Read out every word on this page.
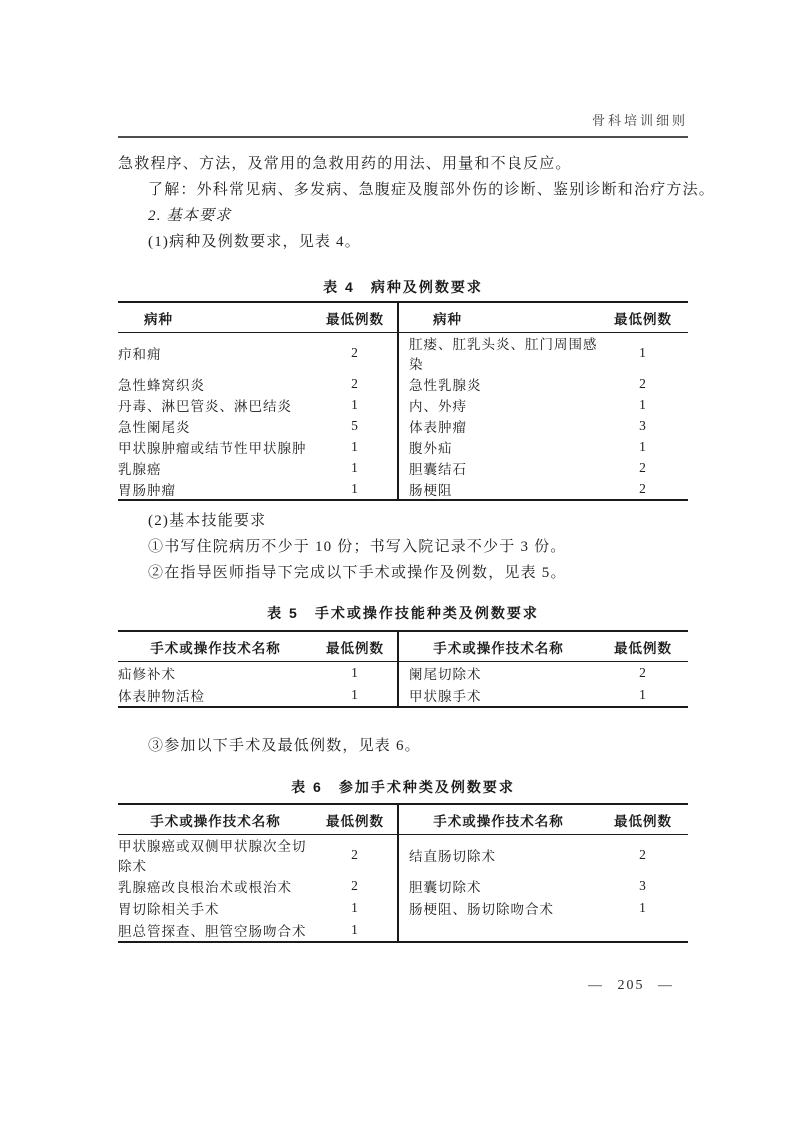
骨科培训细则
急救程序、方法，及常用的急救用药的用法、用量和不良反应。
了解：外科常见病、多发病、急腹症及腹部外伤的诊断、鉴别诊断和治疗方法。
2. 基本要求
(1)病种及例数要求，见表 4。
表 4　病种及例数要求
病种	最低例数	病种	最低例数
疖和痈	2	肛瘘、肛乳头炎、肛门周围感染	1
急性蜂窝织炎	2	急性乳腺炎	2
丹毒、淋巴管炎、淋巴结炎	1	内、外痔	1
急性阑尾炎	5	体表肿瘤	3
甲状腺肿瘤或结节性甲状腺肿	1	腹外疝	1
乳腺癌	1	胆囊结石	2
胃肠肿瘤	1	肠梗阻	2
(2)基本技能要求
①书写住院病历不少于 10 份；书写入院记录不少于 3 份。
②在指导医师指导下完成以下手术或操作及例数，见表 5。
表 5　手术或操作技能种类及例数要求
手术或操作技术名称	最低例数	手术或操作技术名称	最低例数
疝修补术	1	阑尾切除术	2
体表肿物活检	1	甲状腺手术	1
③参加以下手术及最低例数，见表 6。
表 6　参加手术种类及例数要求
手术或操作技术名称	最低例数	手术或操作技术名称	最低例数
甲状腺癌或双侧甲状腺次全切除术	2	结直肠切除术	2
乳腺癌改良根治术或根治术	2	胆囊切除术	3
胃切除相关手术	1	肠梗阻、肠切除吻合术	1
胆总管探查、胆管空肠吻合术	1		
— 205 —
